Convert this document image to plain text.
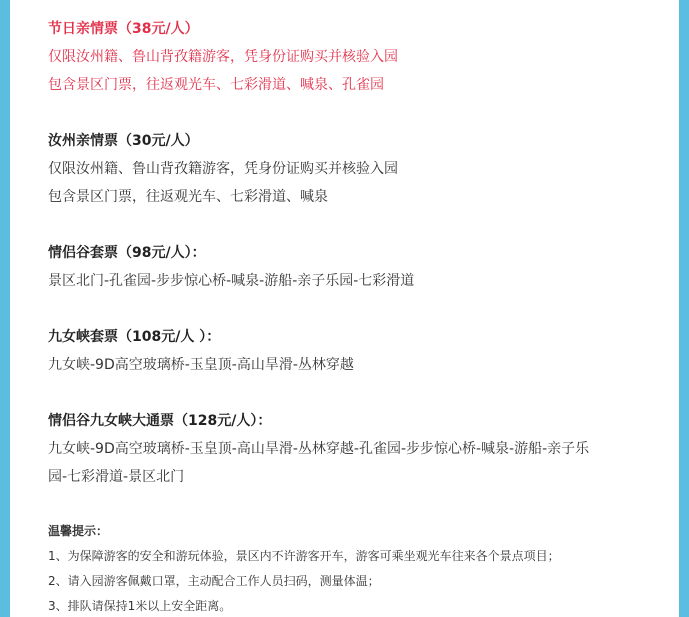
节日亲情票（38元/人）
仅限汝州籍、鲁山背孜籍游客，凭身份证购买并核验入园
包含景区门票，往返观光车、七彩滑道、喊泉、孔雀园
汝州亲情票（30元/人）
仅限汝州籍、鲁山背孜籍游客，凭身份证购买并核验入园
包含景区门票，往返观光车、七彩滑道、喊泉
情侣谷套票（98元/人）：
景区北门-孔雀园-步步惊心桥-喊泉-游船-亲子乐园-七彩滑道
九女峡套票（108元/人 ）：
九女峡-9D高空玻璃桥-玉皇顶-高山旱滑-丛林穿越
情侣谷九女峡大通票（128元/人）：
九女峡-9D高空玻璃桥-玉皇顶-高山旱滑-丛林穿越-孔雀园-步步惊心桥-喊泉-游船-亲子乐
园-七彩滑道-景区北门
温馨提示：
1、为保障游客的安全和游玩体验，景区内不许游客开车，游客可乘坐观光车往来各个景点项目；
2、请入园游客佩戴口罩，主动配合工作人员扫码，测量体温；
3、排队请保持1米以上安全距离。
